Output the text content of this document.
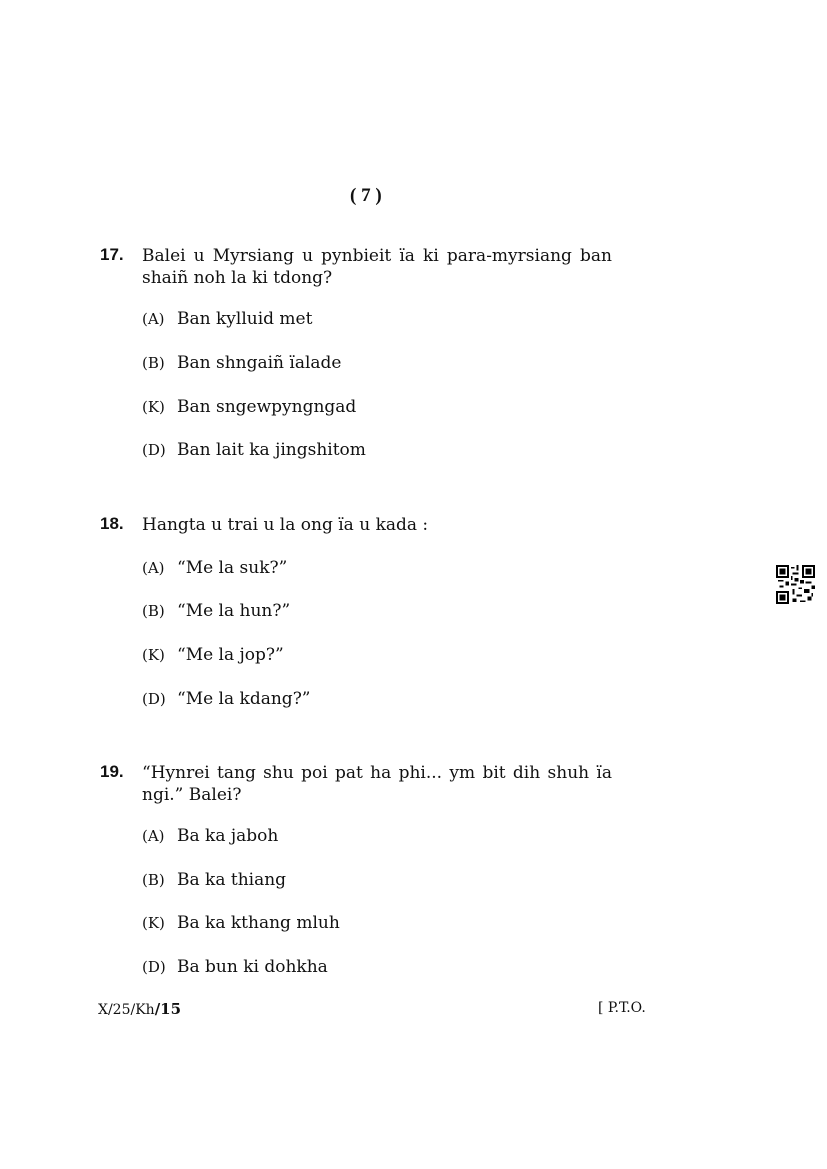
( 7 )
17. Balei u Myrsiang u pynbieit ïa ki para-myrsiang ban shaiñ noh la ki tdong?
(A) Ban kylluid met
(B) Ban shngaiñ ïalade
(K) Ban sngewpyngngad
(D) Ban lait ka jingshitom
18. Hangta u trai u la ong ïa u kada :
(A) “Me la suk?”
(B) “Me la hun?”
(K) “Me la jop?”
(D) “Me la kdang?”
19. “Hynrei tang shu poi pat ha phi... ym bit dih shuh ïa ngi.” Balei?
(A) Ba ka jaboh
(B) Ba ka thiang
(K) Ba ka kthang mluh
(D) Ba bun ki dohkha
X/25/Kh/15	[ P.T.O.
